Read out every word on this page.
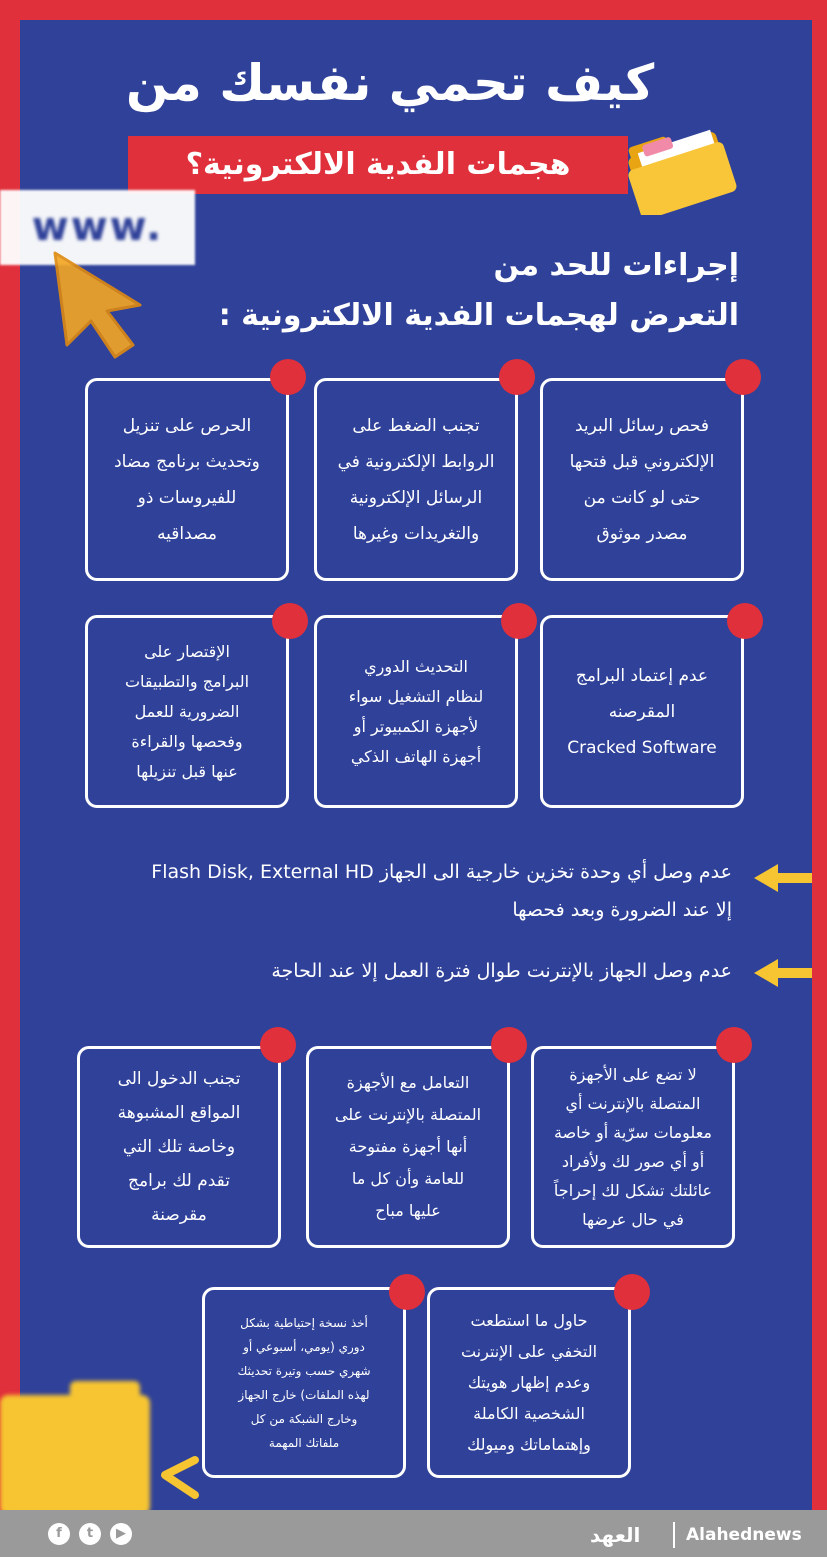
كيف تحمي نفسك من
هجمات الفدية الالكترونية؟
www.
إجراءات للحد من
التعرض لهجمات الفدية الالكترونية :
فحص رسائل البريد
الإلكتروني قبل فتحها
حتى لو كانت من
مصدر موثوق
تجنب الضغط على
الروابط الإلكترونية في
الرسائل الإلكترونية
والتغريدات وغيرها
الحرص على تنزيل
وتحديث برنامج مضاد
للفيروسات ذو
مصداقيه
عدم إعتماد البرامج
المقرصنه
Cracked Software
التحديث الدوري
لنظام التشغيل سواء
لأجهزة الكمبيوتر أو
أجهزة الهاتف الذكي
الإقتصار على
البرامج والتطبيقات
الضرورية للعمل
وفحصها والقراءة
عنها قبل تنزيلها
عدم وصل أي وحدة تخزين خارجية الى الجهاز Flash Disk, External HD
إلا عند الضرورة وبعد فحصها
عدم وصل الجهاز بالإنترنت طوال فترة العمل إلا عند الحاجة
لا تضع على الأجهزة
المتصلة بالإنترنت أي
معلومات سرّية أو خاصة
أو أي صور لك ولأفراد
عائلتك تشكل لك إحراجاً
في حال عرضها
التعامل مع الأجهزة
المتصلة بالإنترنت على
أنها أجهزة مفتوحة
للعامة وأن كل ما
عليها مباح
تجنب الدخول الى
المواقع المشبوهة
وخاصة تلك التي
تقدم لك برامج
مقرصنة
حاول ما استطعت
التخفي على الإنترنت
وعدم إظهار هويتك
الشخصية الكاملة
وإهتماماتك وميولك
أخذ نسخة إحتياطية بشكل
دوري (يومي، أسبوعي أو
شهري حسب وتيرة تحديثك
لهذه الملفات) خارج الجهاز
وخارج الشبكة من كل
ملفاتك المهمة
f	t	▶	العهد	Alahednews
